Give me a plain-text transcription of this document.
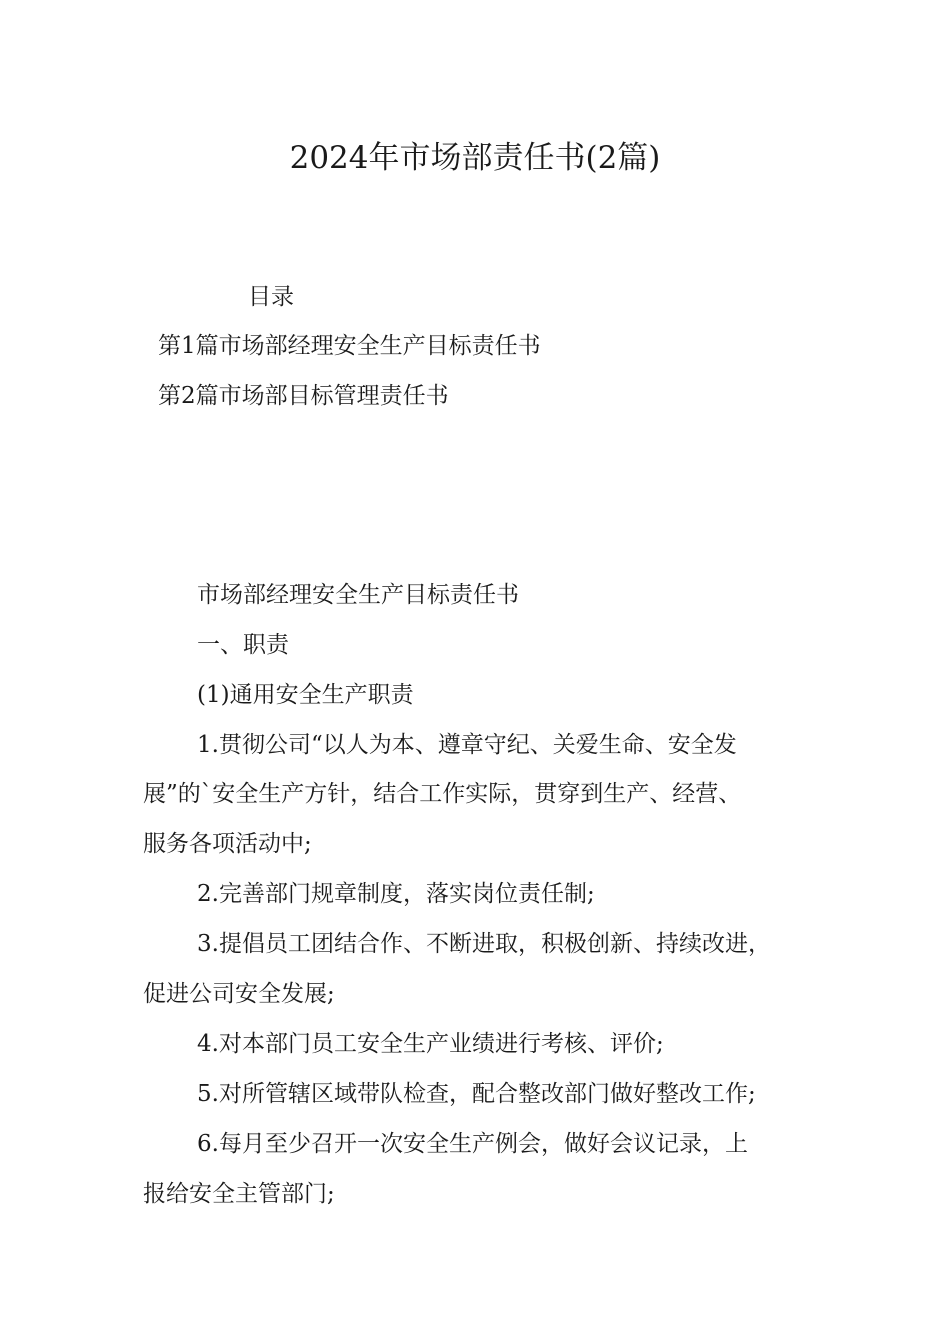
2024年市场部责任书(2篇)
目录
第1篇市场部经理安全生产目标责任书
第2篇市场部目标管理责任书
市场部经理安全生产目标责任书
一、职责
(1)通用安全生产职责
1.贯彻公司“以人为本、遵章守纪、关爱生命、安全发
展”的`安全生产方针，结合工作实际，贯穿到生产、经营、
服务各项活动中;
2.完善部门规章制度，落实岗位责任制;
3.提倡员工团结合作、不断进取，积极创新、持续改进，
促进公司安全发展;
4.对本部门员工安全生产业绩进行考核、评价;
5.对所管辖区域带队检查，配合整改部门做好整改工作;
6.每月至少召开一次安全生产例会，做好会议记录，上
报给安全主管部门;
